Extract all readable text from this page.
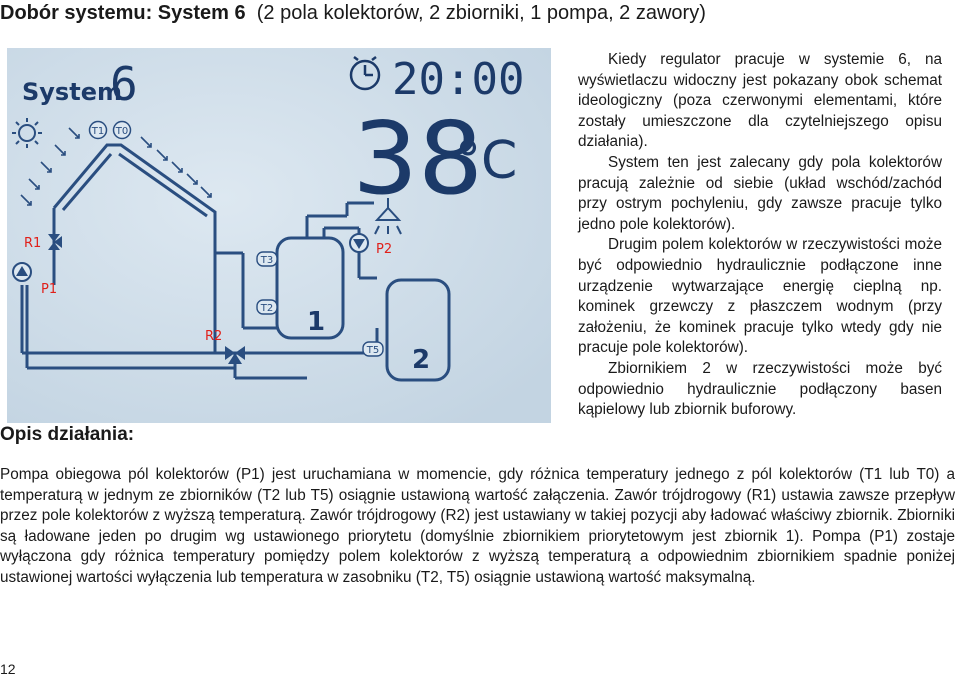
Dobór systemu: System 6 (2 pola kolektorów, 2 zbiorniki, 1 pompa, 2 zawory)
System
6	20:00
38
°C
T1 T0
1
2
T3
T2
T5
R1
P1
R2
P2

Kiedy regulator pracuje w systemie 6, na wyświetlaczu widoczny jest pokazany obok schemat ideologiczny (poza czerwonymi elementami, które zostały umieszczone dla czytelniejszego opisu działania).

System ten jest zalecany gdy pola kolektorów pracują zależnie od siebie (układ wschód/zachód przy ostrym pochyleniu, gdy zawsze pracuje tylko jedno pole kolektorów).

Drugim polem kolektorów w rzeczywistości może być odpowiednio hydraulicznie podłączone inne urządzenie wytwarzające energię cieplną np. kominek grzewczy z płaszczem wodnym (przy założeniu, że kominek pracuje tylko wtedy gdy nie pracuje pole kolektorów).

Zbiornikiem 2 w rzeczywistości może być odpowiednio hydraulicznie podłączony basen kąpielowy lub zbiornik buforowy.

Opis działania:

Pompa obiegowa pól kolektorów (P1) jest uruchamiana w momencie, gdy różnica temperatury jednego z pól kolektorów (T1 lub T0) a temperaturą w jednym ze zbiorników (T2 lub T5) osiągnie ustawioną wartość załączenia. Zawór trójdrogowy (R1) ustawia zawsze przepływ przez pole kolektorów z wyższą temperaturą. Zawór trójdrogowy (R2) jest ustawiany w takiej pozycji aby ładować właściwy zbiornik. Zbiorniki są ładowane jeden po drugim wg ustawionego priorytetu (domyślnie zbiornikiem priorytetowym jest zbiornik 1). Pompa (P1) zostaje wyłączona gdy różnica temperatury pomiędzy polem kolektorów z wyższą temperaturą a odpowiednim zbiornikiem spadnie poniżej ustawionej wartości wyłączenia lub temperatura w zasobniku (T2, T5) osiągnie ustawioną wartość maksymalną.

12
